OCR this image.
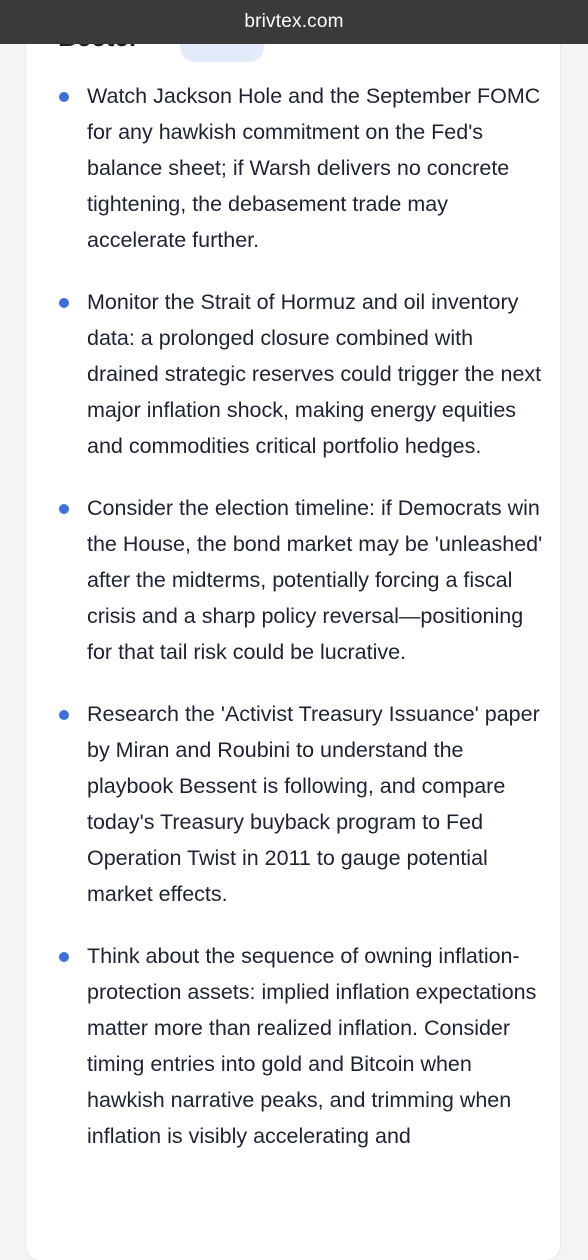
brivtex.com
Watch Jackson Hole and the September FOMC for any hawkish commitment on the Fed's balance sheet; if Warsh delivers no concrete tightening, the debasement trade may accelerate further.
Monitor the Strait of Hormuz and oil inventory data: a prolonged closure combined with drained strategic reserves could trigger the next major inflation shock, making energy equities and commodities critical portfolio hedges.
Consider the election timeline: if Democrats win the House, the bond market may be 'unleashed' after the midterms, potentially forcing a fiscal crisis and a sharp policy reversal—positioning for that tail risk could be lucrative.
Research the 'Activist Treasury Issuance' paper by Miran and Roubini to understand the playbook Bessent is following, and compare today's Treasury buyback program to Fed Operation Twist in 2011 to gauge potential market effects.
Think about the sequence of owning inflation-protection assets: implied inflation expectations matter more than realized inflation. Consider timing entries into gold and Bitcoin when hawkish narrative peaks, and trimming when inflation is visibly accelerating and
